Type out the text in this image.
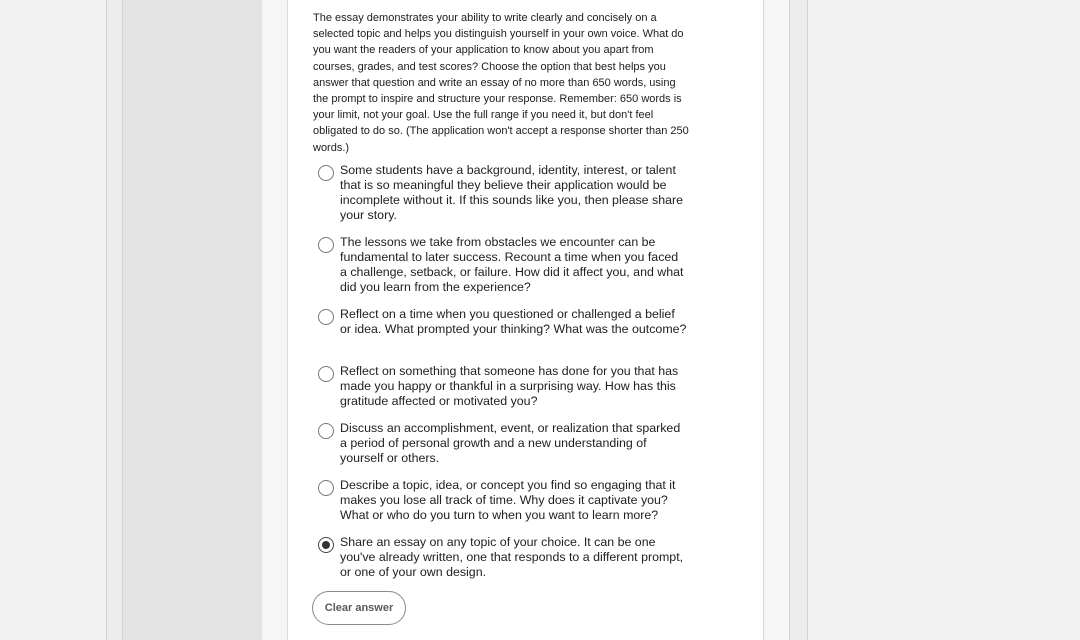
The essay demonstrates your ability to write clearly and concisely on a selected topic and helps you distinguish yourself in your own voice. What do you want the readers of your application to know about you apart from courses, grades, and test scores? Choose the option that best helps you answer that question and write an essay of no more than 650 words, using the prompt to inspire and structure your response. Remember: 650 words is your limit, not your goal. Use the full range if you need it, but don't feel obligated to do so. (The application won't accept a response shorter than 250 words.)

Some students have a background, identity, interest, or talent that is so meaningful they believe their application would be incomplete without it. If this sounds like you, then please share your story.
The lessons we take from obstacles we encounter can be fundamental to later success. Recount a time when you faced a challenge, setback, or failure. How did it affect you, and what did you learn from the experience?
Reflect on a time when you questioned or challenged a belief or idea. What prompted your thinking? What was the outcome?
Reflect on something that someone has done for you that has made you happy or thankful in a surprising way. How has this gratitude affected or motivated you?
Discuss an accomplishment, event, or realization that sparked a period of personal growth and a new understanding of yourself or others.
Describe a topic, idea, or concept you find so engaging that it makes you lose all track of time. Why does it captivate you? What or who do you turn to when you want to learn more?
Share an essay on any topic of your choice. It can be one you've already written, one that responds to a different prompt, or one of your own design.
Clear answer
